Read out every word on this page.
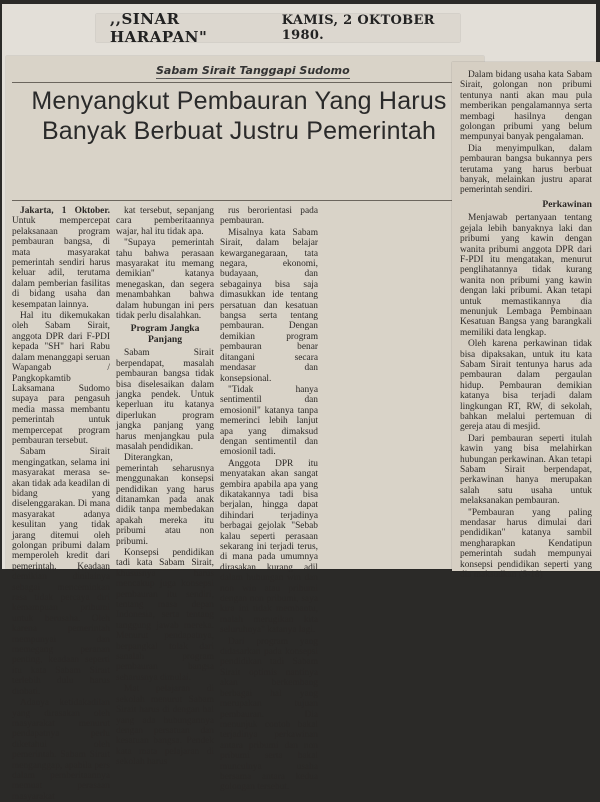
,,SINAR HARAPAN"
KAMIS, 2 OKTOBER 1980.
Sabam Sirait Tanggapi Sudomo
Menyangkut Pembauran Yang Harus Banyak Berbuat Justru Pemerintah

Jakarta, 1 Oktober. Untuk mempercepat pelaksanaan program pembauran bangsa, di mata masyarakat pemerintah sendiri harus keluar adil, terutama dalam pemberian fasilitas di bidang usaha dan kesempatan lainnya.

Hal itu dikemukakan oleh Sabam Sirait, anggota DPR dari F-PDI kepada "SH" hari Rabu dalam menanggapi seruan Wapangab / Pangkopkamtib Laksamana Sudomo supaya para pengasuh media massa membantu pemerintah untuk mempercepat program pembauran tersebut.

Sabam Sirait mengingatkan, selama ini masyarakat merasa se-akan tidak ada keadilan di bidang yang diselenggarakan. Di mana masyarakat adanya kesulitan yang tidak jarang ditemui oleh golongan pribumi dalam memperoleh kredit dari pemerintah. Keadaan demikian dinilainya sebagai menceminkan rasa tidak percaya diri kemampuan pribumi untuk berusaha. Oleh karena pemerintah mempunyai dan memegang peranan penting, keadaan seperti itu kata Sabam Sirait terlebih dulu harus diobati.

Adanya ketidakadilan yang dirasakan oleh masyarakat menurut pendapatnya perlu diketahui oleh pemerintah. Sabam Sirait menganggap, apabila pers dalam pemberitaannya memuat perasaan masyarakat

kat tersebut, sepanjang cara pemberitaannya wajar, hal itu tidak apa.

"Supaya pemerintah tahu bahwa perasaan masyarakat itu memang demikian" katanya menegaskan, dan segera menambahkan bahwa dalam hubungan ini pers tidak perlu disalahkan.

Program Jangka Panjang

Sabam Sirait berpendapat, masalah pembauran bangsa tidak bisa diselesaikan dalam jangka pendek. Untuk keperluan itu katanya diperlukan program jangka panjang yang harus menjangkau pula masalah pendidikan.

Diterangkan, pemerintah seharusnya menggunakan konsepsi pendidikan yang harus ditanamkan pada anak didik tanpa membedakan apakah mereka itu pribumi atau non pribumi.

Konsepsi pendidikan tadi kata Sabam Sirait, khususnya harus mencakup juga konsepsi pembauran itu sendiri, tentang masa depan Indonesia, serta tentang tanggung jawab mereka. Menurut pendapatnya, berpangkal tolak dari sanalah program pembauran bangsa seharusnya dimulai.

Mat pelajaran di sekolah menurut Sabam Sirait harus di dengan hal yang ada hubungannya dengan persatuan dan kesatuan bangsa. Pendek kata mata pelajaran di sekolah harus

rus berorientasi pada pembauran.

Misalnya kata Sabam Sirait, dalam belajar kewarganegaraan, tata negara, ekonomi, budayaan, dan sebagainya bisa saja dimasukkan ide tentang persatuan dan kesatuan bangsa serta tentang pembauran. Dengan demikian program pembauran benar ditangani secara mendasar dan konsepsional.

"Tidak hanya sentimentil dan emosionil" katanya tanpa memerinci lebih lanjut apa yang dimaksud dengan sentimentil dan emosionil tadi.

Anggota DPR itu menyatakan akan sangat gembira apabila apa yang dikatakannya tadi bisa berjalan, hingga dapat dihindari terjadinya berbagai gejolak "Sebab kalau seperti perasaan sekarang ini terjadi terus, di mana pada umumnya dirasakan kurang adil dalam hubungan win dan non win atau pribumi dengan non pribumi, saya kira ini tidak membantu, malah merugikan kita seluruhnya" katanya lagi.

Dari program yang didasarkan pada konsepsi pendidikan tadi Sabam Sirait optimis nantinya akan berkembang berbagai hal yang merupakan tujuan pembauran. Dia menunjuk contoh bakal terjadinya perkawinan antara pribumi dan non pribumi serta bakal munculnya usaha bersama antara kedua golongan tersebut.

Dalam bidang usaha kata Sabam Sirait, golongan non pribumi tentunya nanti akan mau pula memberikan pengalamannya serta membagi hasilnya dengan golongan pribumi yang belum mempunyai banyak pengalaman.

Dia menyimpulkan, dalam pembauran bangsa bukannya pers terutama yang harus berbuat banyak, melainkan justru aparat pemerintah sendiri.

Perkawinan

Menjawab pertanyaan tentang gejala lebih banyaknya laki dan pribumi yang kawin dengan wanita pribumi anggota DPR dari F-PDI itu mengatakan, menurut penglihatannya tidak kurang wanita non pribumi yang kawin dengan laki pribumi. Akan tetapi untuk memastikannya dia menunjuk Lembaga Pembinaan Kesatuan Bangsa yang barangkali memiliki data lengkap.

Oleh karena perkawinan tidak bisa dipaksakan, untuk itu kata Sabam Sirait tentunya harus ada pembauran dalam pergaulan hidup. Pembauran demikian katanya bisa terjadi dalam lingkungan RT, RW, di sekolah, bahkan melalui pertemuan di gereja atau di mesjid.

Dari pembauran seperti itulah kawin yang bisa melahirkan hubungan perkawinan. Akan tetapi Sabam Sirait berpendapat, perkawinan hanya merupakan salah satu usaha untuk melaksanakan pembauran.

"Pembauran yang paling mendasar harus dimulai dari pendidikan" katanya sambil mengharapkan Kendatipun pemerintah sudah mempunyai konsepsi pendidikan seperti yang dia maksudkan (S-18)
